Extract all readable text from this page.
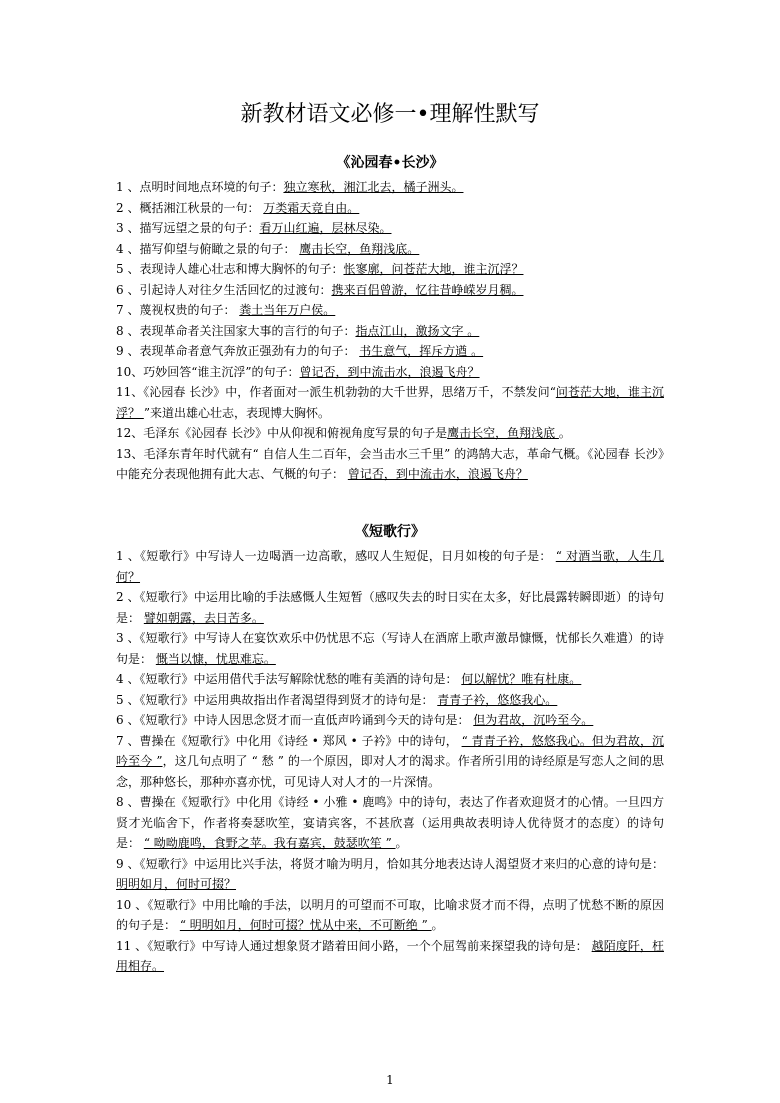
新教材语文必修一•理解性默写
《沁园春•长沙》

1 、点明时间地点环境的句子：独立寒秋，湘江北去，橘子洲头。

2 、概括湘江秋景的一句： 万类霜天竞自由。

3 、描写远望之景的句子：看万山红遍，层林尽染。

4 、描写仰望与俯瞰之景的句子： 鹰击长空，鱼翔浅底。

5 、表现诗人雄心壮志和博大胸怀的句子：怅寥廓，问苍茫大地，谁主沉浮？

6 、引起诗人对往夕生活回忆的过渡句：携来百侣曾游，忆往昔峥嵘岁月稠。

7 、蔑视权贵的句子： 粪土当年万户侯。

8 、表现革命者关注国家大事的言行的句子：指点江山，激扬文字 。

9 、表现革命者意气奔放正强劲有力的句子： 书生意气，挥斥方遒 。

10、巧妙回答“谁主沉浮”的句子：曾记否，到中流击水，浪遏飞舟？

11、《沁园春 长沙》中，作者面对一派生机勃勃的大千世界，思绪万千，不禁发问“问苍茫大地，谁主沉浮？ ”来道出雄心壮志，表现博大胸怀。

12、毛泽东《沁园春 长沙》中从仰视和俯视角度写景的句子是鹰击长空，鱼翔浅底 。

13、毛泽东青年时代就有“ 自信人生二百年，会当击水三千里” 的鸿鹄大志，革命气概。《沁园春 长沙》中能充分表现他拥有此大志、气概的句子： 曾记否，到中流击水，浪遏飞舟？

《短歌行》

1 、《短歌行》中写诗人一边喝酒一边高歌，感叹人生短促，日月如梭的句子是： “ 对酒当歌，人生几何？

2 、《短歌行》中运用比喻的手法感慨人生短暂（感叹失去的时日实在太多，好比晨露转瞬即逝）的诗句是： 譬如朝露，去日苦多。

3 、《短歌行》中写诗人在宴饮欢乐中仍忧思不忘（写诗人在酒席上歌声激昂慷慨，忧郁长久难遣）的诗句是： 慨当以慷，忧思难忘。

4 、《短歌行》中运用借代手法写解除忧愁的唯有美酒的诗句是： 何以解忧？唯有杜康。

5 、《短歌行》中运用典故指出作者渴望得到贤才的诗句是： 青青子衿，悠悠我心。

6 、《短歌行》中诗人因思念贤才而一直低声吟诵到今天的诗句是： 但为君故，沉吟至今。

7 、曹操在《短歌行》中化用《诗经 • 郑风 • 子衿》中的诗句， “ 青青子衿，悠悠我心。但为君故，沉吟至今 ”，这几句点明了 “ 愁 ” 的一个原因，即对人才的渴求。作者所引用的诗经原是写恋人之间的思念，那种悠长，那种亦喜亦忧，可见诗人对人才的一片深情。

8 、曹操在《短歌行》中化用《诗经 • 小雅 • 鹿鸣》中的诗句，表达了作者欢迎贤才的心情。一旦四方贤才光临舍下，作者将奏瑟吹笙，宴请宾客，不甚欣喜（运用典故表明诗人优待贤才的态度）的诗句是： “ 呦呦鹿鸣，食野之苹。我有嘉宾，鼓瑟吹笙 ” 。

9 、《短歌行》中运用比兴手法，将贤才喻为明月，恰如其分地表达诗人渴望贤才来归的心意的诗句是： 明明如月，何时可掇？

10 、《短歌行》中用比喻的手法，以明月的可望而不可取，比喻求贤才而不得，点明了忧愁不断的原因的句子是： “ 明明如月，何时可掇？忧从中来，不可断绝 ” 。

11 、《短歌行》中写诗人通过想象贤才踏着田间小路，一个个屈驾前来探望我的诗句是： 越陌度阡，枉用相存。

1
